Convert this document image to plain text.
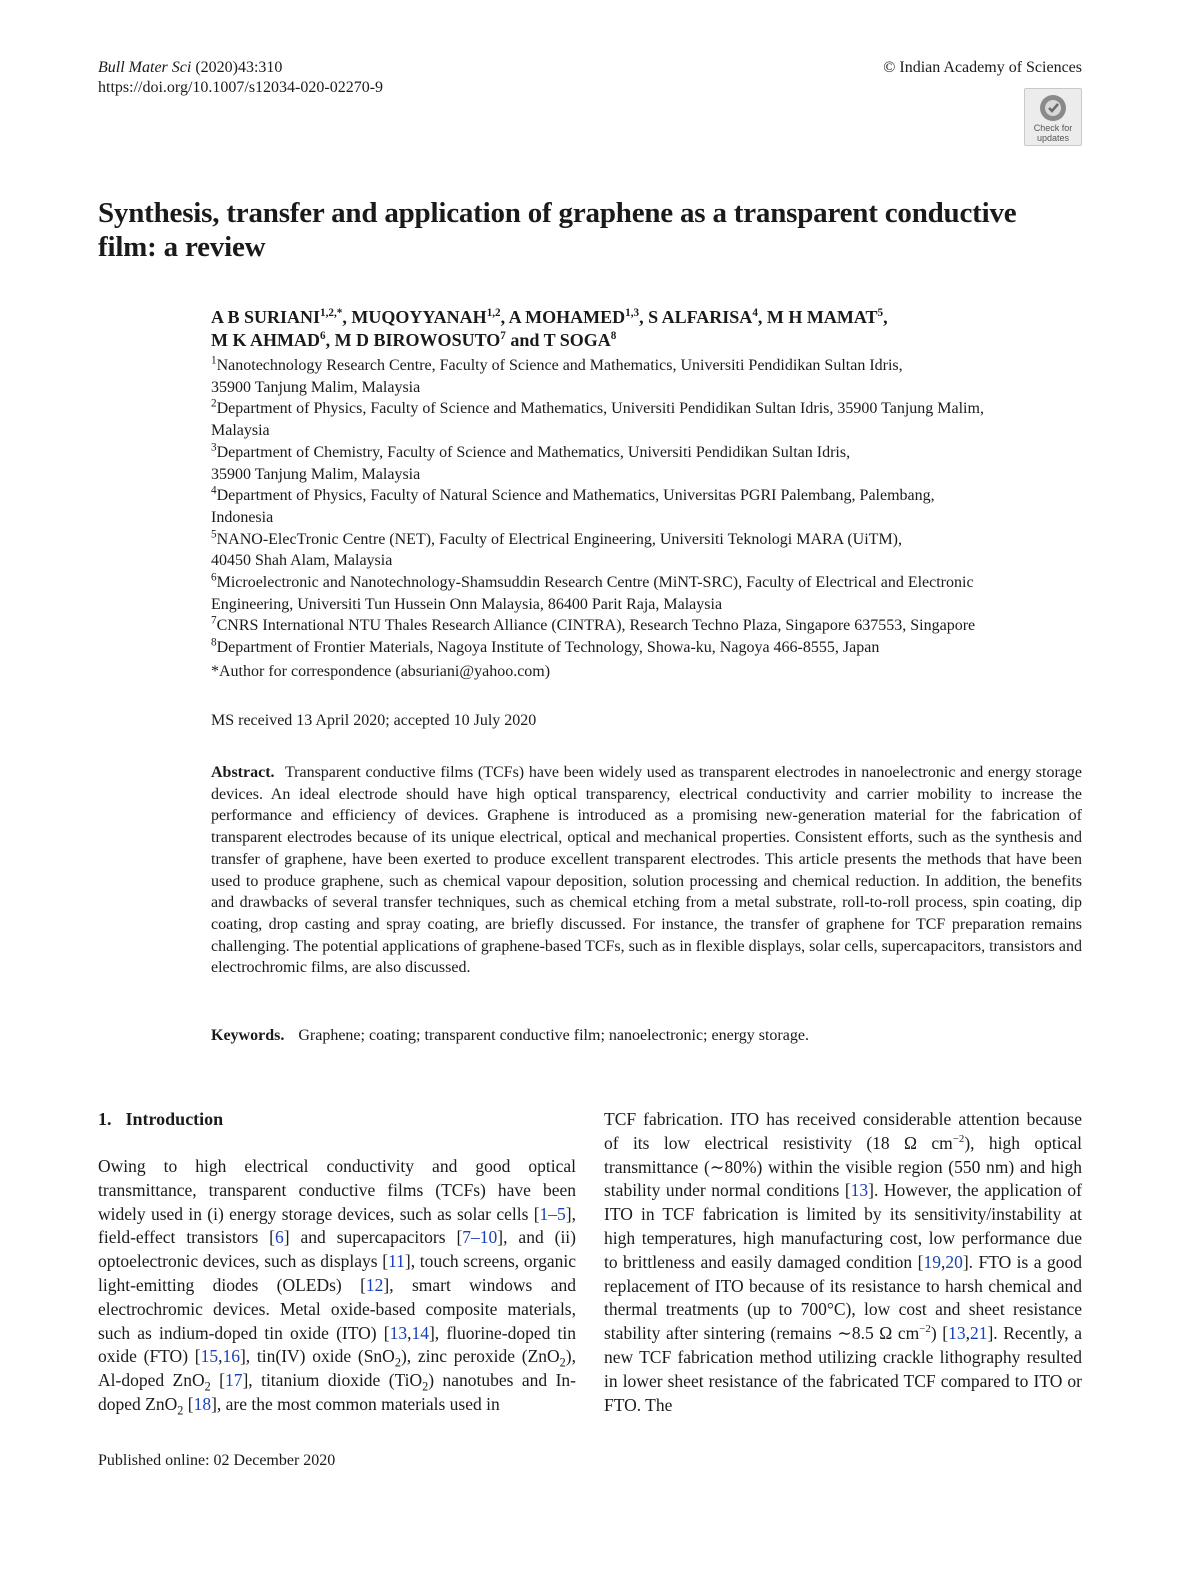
Bull Mater Sci (2020)43:310
https://doi.org/10.1007/s12034-020-02270-9
© Indian Academy of Sciences
Check for
updates
Synthesis, transfer and application of graphene as a transparent conductive film: a review
A B $SURIANI^{1,2,*}$, MUQOYYANAH$^{1,2}$, A MOHAMED$^{1,3}$, S ALFARISA$^4$, M H MAMAT$^5$,
M K AHMAD$^6$, M D BIROWOSUTO$^7$ and T SOGA$^8$
$^1$Nanotechnology Research Centre, Faculty of Science and Mathematics, Universiti Pendidikan Sultan Idris,
35900 Tanjung Malim, Malaysia
$^2$Department of Physics, Faculty of Science and Mathematics, Universiti Pendidikan Sultan Idris, 35900 Tanjung Malim,
Malaysia
$^3$Department of Chemistry, Faculty of Science and Mathematics, Universiti Pendidikan Sultan Idris,
35900 Tanjung Malim, Malaysia
$^4$Department of Physics, Faculty of Natural Science and Mathematics, Universitas PGRI Palembang, Palembang,
Indonesia
$^5$NANO-ElecTronic Centre (NET), Faculty of Electrical Engineering, Universiti Teknologi MARA (UiTM),
40450 Shah Alam, Malaysia
$^6$Microelectronic and Nanotechnology-Shamsuddin Research Centre (MiNT-SRC), Faculty of Electrical and Electronic
Engineering, Universiti Tun Hussein Onn Malaysia, 86400 Parit Raja, Malaysia
$^7$CNRS International NTU Thales Research Alliance (CINTRA), Research Techno Plaza, Singapore 637553, Singapore
$^8$Department of Frontier Materials, Nagoya Institute of Technology, Showa-ku, Nagoya 466-8555, Japan
*Author for correspondence (absuriani@yahoo.com)
MS received 13 April 2020; accepted 10 July 2020
Abstract. Transparent conductive films (TCFs) have been widely used as transparent electrodes in nanoelectronic and energy storage devices. An ideal electrode should have high optical transparency, electrical conductivity and carrier mobility to increase the performance and efficiency of devices. Graphene is introduced as a promising new-generation material for the fabrication of transparent electrodes because of its unique electrical, optical and mechanical properties. Consistent efforts, such as the synthesis and transfer of graphene, have been exerted to produce excellent transparent electrodes. This article presents the methods that have been used to produce graphene, such as chemical vapour deposition, solution processing and chemical reduction. In addition, the benefits and drawbacks of several transfer techniques, such as chemical etching from a metal substrate, roll-to-roll process, spin coating, dip coating, drop casting and spray coating, are briefly discussed. For instance, the transfer of graphene for TCF preparation remains challenging. The potential applications of graphene-based TCFs, such as in flexible displays, solar cells, supercapacitors, transistors and electrochromic films, are also discussed.
Keywords. Graphene; coating; transparent conductive film; nanoelectronic; energy storage.
1. Introduction
Owing to high electrical conductivity and good optical transmittance, transparent conductive films (TCFs) have been widely used in (i) energy storage devices, such as solar cells [1–5], field-effect transistors [6] and supercapacitors [7–10], and (ii) optoelectronic devices, such as displays [11], touch screens, organic light-emitting diodes (OLEDs) [12], smart windows and electrochromic devices. Metal oxide-based composite materials, such as indium-doped tin oxide (ITO) [13,14], fluorine-doped tin oxide (FTO) [15,16], tin(IV) oxide (SnO$_2$), zinc peroxide (ZnO$_2$), Al-doped ZnO$_2$ [17], titanium dioxide (TiO$_2$) nanotubes and In-doped ZnO$_2$ [18], are the most common materials used in
TCF fabrication. ITO has received considerable attention because of its low electrical resistivity (18 Ω $cm^{-2}$), high optical transmittance (∼80%) within the visible region (550 nm) and high stability under normal conditions [13]. However, the application of ITO in TCF fabrication is limited by its sensitivity/instability at high temperatures, high manufacturing cost, low performance due to brittleness and easily damaged condition [19,20]. FTO is a good replacement of ITO because of its resistance to harsh chemical and thermal treatments (up to 700°C), low cost and sheet resistance stability after sintering (remains ∼8.5 Ω $cm^{-2}$) [13,21]. Recently, a new TCF fabrication method utilizing crackle lithography resulted in lower sheet resistance of the fabricated TCF compared to ITO or FTO. The
Published online: 02 December 2020
